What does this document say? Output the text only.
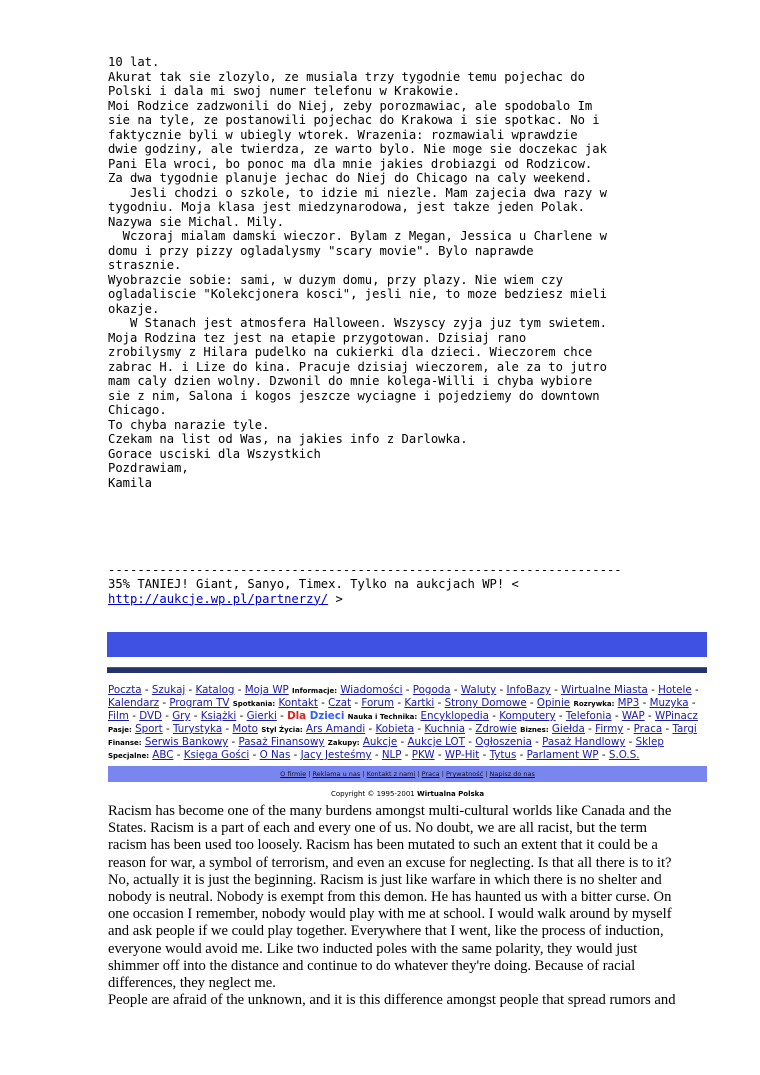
10 lat.
Akurat tak sie zlozylo, ze musiala trzy tygodnie temu pojechac do
Polski i dala mi swoj numer telefonu w Krakowie.
Moi Rodzice zadzwonili do Niej, zeby porozmawiac, ale spodobalo Im
sie na tyle, ze postanowili pojechac do Krakowa i sie spotkac. No i
faktycznie byli w ubiegly wtorek. Wrazenia: rozmawiali wprawdzie
dwie godziny, ale twierdza, ze warto bylo. Nie moge sie doczekac jak
Pani Ela wroci, bo ponoc ma dla mnie jakies drobiazgi od Rodzicow.
Za dwa tygodnie planuje jechac do Niej do Chicago na caly weekend.
Jesli chodzi o szkole, to idzie mi niezle. Mam zajecia dwa razy w
tygodniu. Moja klasa jest miedzynarodowa, jest takze jeden Polak.
Nazywa sie Michal. Mily.
Wczoraj mialam damski wieczor. Bylam z Megan, Jessica u Charlene w
domu i przy pizzy ogladalysmy "scary movie". Bylo naprawde
strasznie.
Wyobrazcie sobie: sami, w duzym domu, przy plazy. Nie wiem czy
ogladaliscie "Kolekcjonera kosci", jesli nie, to moze bedziesz mieli
okazje.
W Stanach jest atmosfera Halloween. Wszyscy zyja juz tym swietem.
Moja Rodzina tez jest na etapie przygotowan. Dzisiaj rano
zrobilysmy z Hilara pudelko na cukierki dla dzieci. Wieczorem chce
zabrac H. i Lize do kina. Pracuje dzisiaj wieczorem, ale za to jutro
mam caly dzien wolny. Dzwonil do mnie kolega-Willi i chyba wybiore
sie z nim, Salona i kogos jeszcze wyciagne i pojedziemy do downtown
Chicago.
To chyba narazie tyle.
Czekam na list od Was, na jakies info z Darlowka.
Gorace usciski dla Wszystkich
Pozdrawiam,
Kamila

----------------------------------------------------------------------
35% TANIEJ! Giant, Sanyo, Timex. Tylko na aukcjach WP! <
http://aukcje.wp.pl/partnerzy/ >
Poczta - Szukaj - Katalog - Moja WP Informacje: Wiadomości - Pogoda - Waluty - InfoBazy - Wirtualne Miasta - Hotele -
Kalendarz - Program TV Spotkania: Kontakt - Czat - Forum - Kartki - Strony Domowe - Opinie Rozrywka: MP3 - Muzyka -
Film - DVD - Gry - Książki - Gierki - Dla Dzieci Nauka i Technika: Encyklopedia - Komputery - Telefonia - WAP - WPinacz
Pasje: Sport - Turystyka - Moto Styl Życia: Ars Amandi - Kobieta - Kuchnia - Zdrowie Biznes: Giełda - Firmy - Praca - Targi
Finanse: Serwis Bankowy - Pasaż Finansowy Zakupy: Aukcje - Aukcje LOT - Ogłoszenia - Pasaż Handlowy - Sklep
Specjalne: ABC - Księga Gości - O Nas - Jacy Jesteśmy - NLP - PKW - WP-Hit - Tytus - Parlament WP - S.O.S.
O firmie | Reklama u nas | Kontakt z nami | Praca | Prywatność | Napisz do nas
Copyright © 1995-2001 Wirtualna Polska
Racism has become one of the many burdens amongst multi-cultural worlds like Canada and the
States. Racism is a part of each and every one of us. No doubt, we are all racist, but the term
racism has been used too loosely. Racism has been mutated to such an extent that it could be a
reason for war, a symbol of terrorism, and even an excuse for neglecting. Is that all there is to it?
No, actually it is just the beginning. Racism is just like warfare in which there is no shelter and
nobody is neutral. Nobody is exempt from this demon. He has haunted us with a bitter curse. On
one occasion I remember, nobody would play with me at school. I would walk around by myself
and ask people if we could play together. Everywhere that I went, like the process of induction,
everyone would avoid me. Like two inducted poles with the same polarity, they would just
shimmer off into the distance and continue to do whatever they're doing. Because of racial
differences, they neglect me.
People are afraid of the unknown, and it is this difference amongst people that spread rumors and
